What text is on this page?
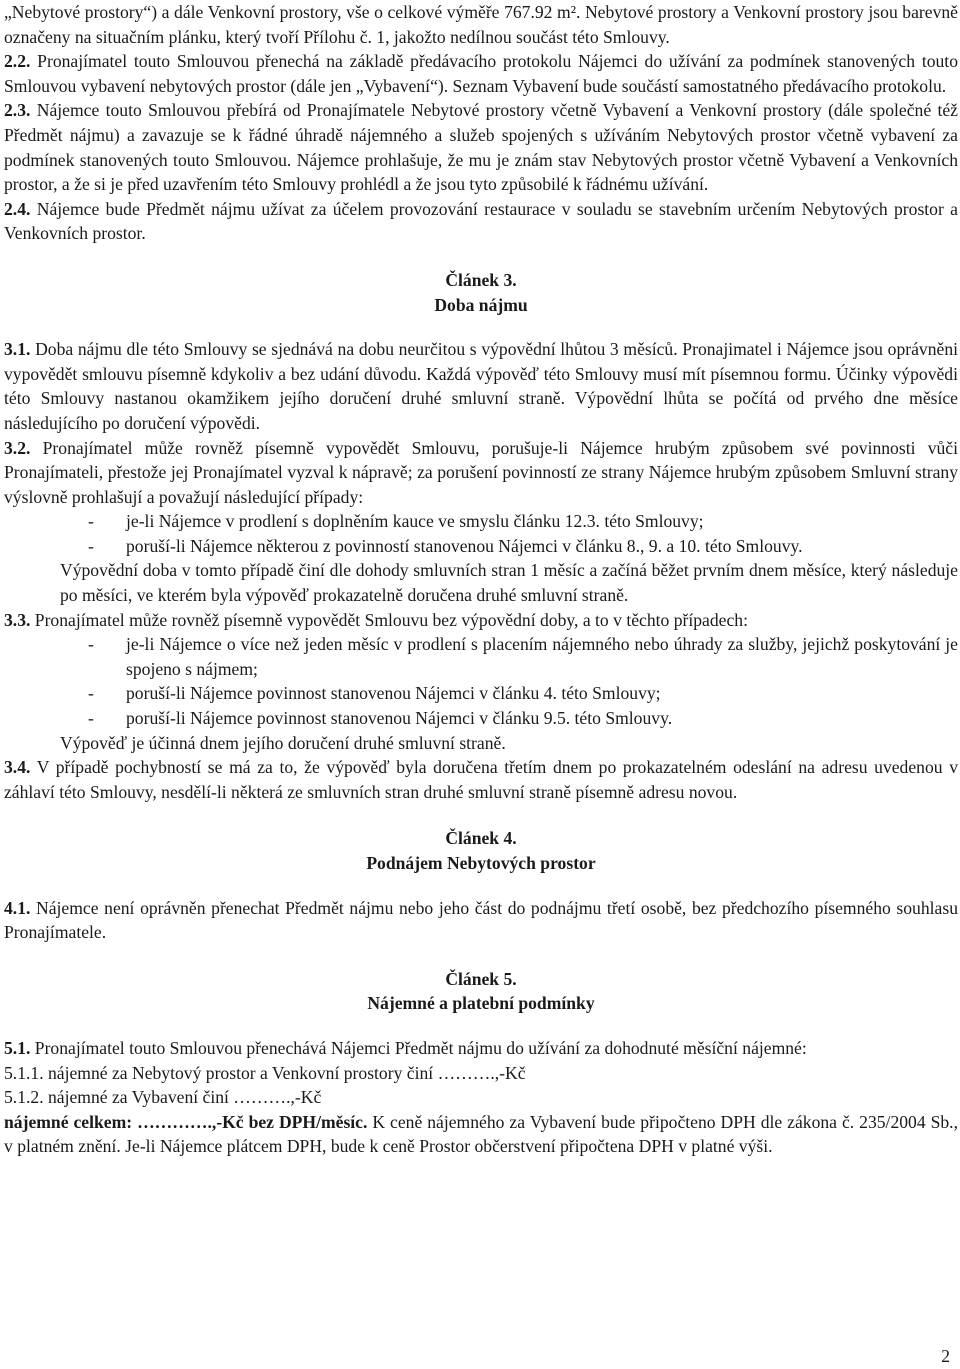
„Nebytové prostory“) a dále Venkovní prostory, vše o celkové výměře 767.92 m². Nebytové prostory a Venkovní prostory jsou barevně označeny na situačním plánku, který tvoří Přílohu č. 1, jakožto nedílnou součást této Smlouvy.

2.2. Pronajímatel touto Smlouvou přenechá na základě předávacího protokolu Nájemci do užívání za podmínek stanovených touto Smlouvou vybavení nebytových prostor (dále jen „Vybavení“). Seznam Vybavení bude součástí samostatného předávacího protokolu.

2.3. Nájemce touto Smlouvou přebírá od Pronajímatele Nebytové prostory včetně Vybavení a Venkovní prostory (dále společné též Předmět nájmu) a zavazuje se k řádné úhradě nájemného a služeb spojených s užíváním Nebytových prostor včetně vybavení za podmínek stanovených touto Smlouvou. Nájemce prohlašuje, že mu je znám stav Nebytových prostor včetně Vybavení a Venkovních prostor, a že si je před uzavřením této Smlouvy prohlédl a že jsou tyto způsobilé k řádnému užívání.

2.4. Nájemce bude Předmět nájmu užívat za účelem provozování restaurace v souladu se stavebním určením Nebytových prostor a Venkovních prostor.

Článek 3.
Doba nájmu

3.1. Doba nájmu dle této Smlouvy se sjednává na dobu neurčitou s výpovědní lhůtou 3 měsíců. Pronajimatel i Nájemce jsou oprávněni vypovědět smlouvu písemně kdykoliv a bez udání důvodu. Každá výpověď této Smlouvy musí mít písemnou formu. Účinky výpovědi této Smlouvy nastanou okamžikem jejího doručení druhé smluvní straně. Výpovědní lhůta se počítá od prvého dne měsíce následujícího po doručení výpovědi.

3.2. Pronajímatel může rovněž písemně vypovědět Smlouvu, porušuje-li Nájemce hrubým způsobem své povinnosti vůči Pronajímateli, přestože jej Pronajímatel vyzval k nápravě; za porušení povinností ze strany Nájemce hrubým způsobem Smluvní strany výslovně prohlašují a považují následující případy:

- je-li Nájemce v prodlení s doplněním kauce ve smyslu článku 12.3. této Smlouvy;
- poruší-li Nájemce některou z povinností stanovenou Nájemci v článku 8., 9. a 10. této Smlouvy.

Výpovědní doba v tomto případě činí dle dohody smluvních stran 1 měsíc a začíná běžet prvním dnem měsíce, který následuje po měsíci, ve kterém byla výpověď prokazatelně doručena druhé smluvní straně.

3.3. Pronajímatel může rovněž písemně vypovědět Smlouvu bez výpovědní doby, a to v těchto případech:

- je-li Nájemce o více než jeden měsíc v prodlení s placením nájemného nebo úhrady za služby, jejichž poskytování je spojeno s nájmem;
- poruší-li Nájemce povinnost stanovenou Nájemci v článku 4. této Smlouvy;
- poruší-li Nájemce povinnost stanovenou Nájemci v článku 9.5. této Smlouvy.

Výpověď je účinná dnem jejího doručení druhé smluvní straně.

3.4. V případě pochybností se má za to, že výpověď byla doručena třetím dnem po prokazatelném odeslání na adresu uvedenou v záhlaví této Smlouvy, nesdělí-li některá ze smluvních stran druhé smluvní straně písemně adresu novou.

Článek 4.
Podnájem Nebytových prostor

4.1. Nájemce není oprávněn přenechat Předmět nájmu nebo jeho část do podnájmu třetí osobě, bez předchozího písemného souhlasu Pronajímatele.

Článek 5.
Nájemné a platební podmínky

5.1. Pronajímatel touto Smlouvou přenechává Nájemci Předmět nájmu do užívání za dohodnuté měsíční nájemné:

5.1.1. nájemné za Nebytový prostor a Venkovní prostory činí ……….,-Kč

5.1.2. nájemné za Vybavení činí ……….,-Kč

nájemné celkem: ………….,-Kč bez DPH/měsíc. K ceně nájemného za Vybavení bude připočteno DPH dle zákona č. 235/2004 Sb., v platném znění. Je-li Nájemce plátcem DPH, bude k ceně Prostor občerstvení připočtena DPH v platné výši.

2
